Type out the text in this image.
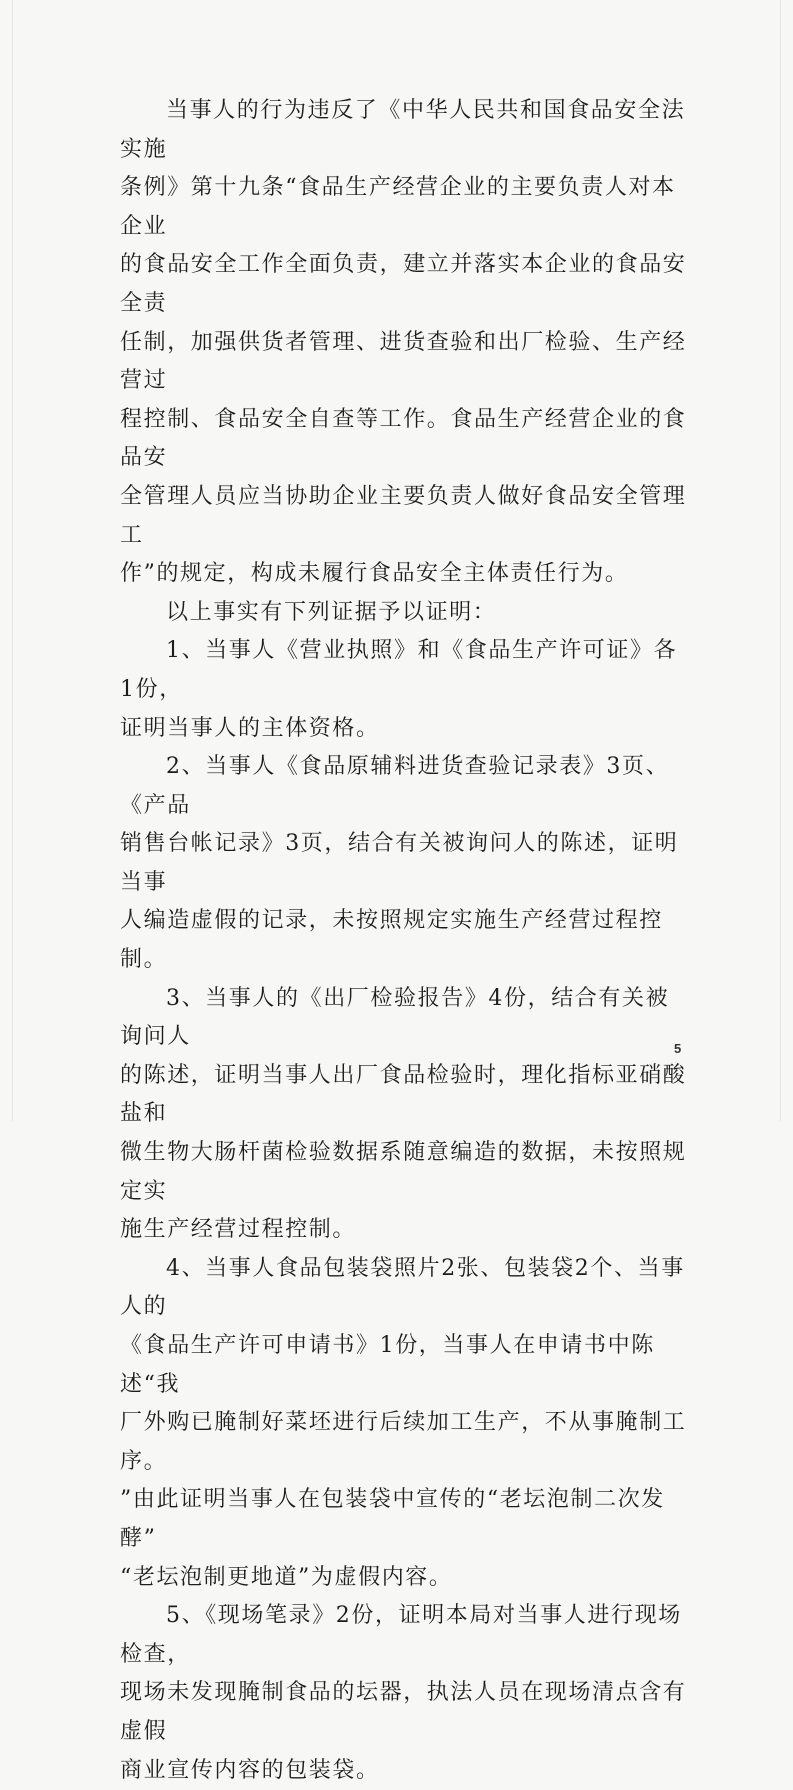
当事人的行为违反了《中华人民共和国食品安全法实施
条例》第十九条“食品生产经营企业的主要负责人对本企业
的食品安全工作全面负责，建立并落实本企业的食品安全责
任制，加强供货者管理、进货查验和出厂检验、生产经营过
程控制、食品安全自查等工作。食品生产经营企业的食品安
全管理人员应当协助企业主要负责人做好食品安全管理工
作”的规定，构成未履行食品安全主体责任行为。

以上事实有下列证据予以证明：

1、当事人《营业执照》和《食品生产许可证》各1份，
证明当事人的主体资格。

2、当事人《食品原辅料进货查验记录表》3页、《产品
销售台帐记录》3页，结合有关被询问人的陈述，证明当事
人编造虚假的记录，未按照规定实施生产经营过程控制。

3、当事人的《出厂检验报告》4份，结合有关被询问人
的陈述，证明当事人出厂食品检验时，理化指标亚硝酸盐和
微生物大肠杆菌检验数据系随意编造的数据，未按照规定实
施生产经营过程控制。

4、当事人食品包装袋照片2张、包装袋2个、当事人的
《食品生产许可申请书》1份，当事人在申请书中陈述“我
厂外购已腌制好菜坯进行后续加工生产，不从事腌制工序。
”由此证明当事人在包装袋中宣传的“老坛泡制二次发酵”
“老坛泡制更地道”为虚假内容。

5、《现场笔录》2份，证明本局对当事人进行现场检查，
现场未发现腌制食品的坛器，执法人员在现场清点含有虚假
商业宣传内容的包装袋。

5
